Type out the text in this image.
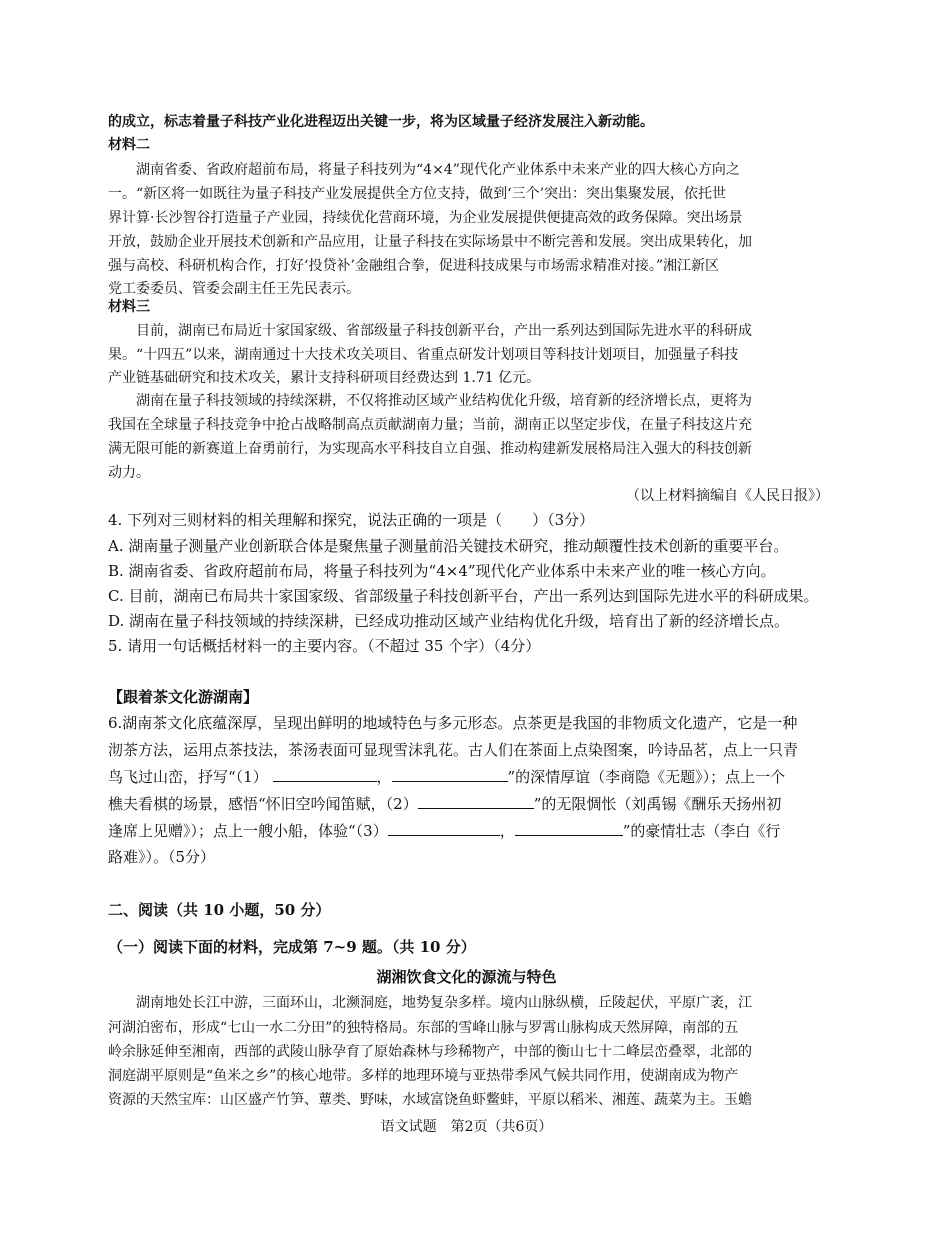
的成立，标志着量子科技产业化进程迈出关键一步，将为区域量子经济发展注入新动能。
材料二
湖南省委、省政府超前布局，将量子科技列为“4×4”现代化产业体系中未来产业的四大核心方向之
一。“新区将一如既往为量子科技产业发展提供全方位支持，做到‘三个’突出：突出集聚发展，依托世
界计算·长沙智谷打造量子产业园，持续优化营商环境，为企业发展提供便捷高效的政务保障。突出场景
开放，鼓励企业开展技术创新和产品应用，让量子科技在实际场景中不断完善和发展。突出成果转化，加
强与高校、科研机构合作，打好‘投贷补’金融组合拳，促进科技成果与市场需求精准对接。”湘江新区
党工委委员、管委会副主任王先民表示。
材料三
目前，湖南已布局近十家国家级、省部级量子科技创新平台，产出一系列达到国际先进水平的科研成
果。“十四五”以来，湖南通过十大技术攻关项目、省重点研发计划项目等科技计划项目，加强量子科技
产业链基础研究和技术攻关，累计支持科研项目经费达到 1.71 亿元。
湖南在量子科技领域的持续深耕，不仅将推动区域产业结构优化升级，培育新的经济增长点，更将为
我国在全球量子科技竞争中抢占战略制高点贡献湖南力量；当前，湖南正以坚定步伐，在量子科技这片充
满无限可能的新赛道上奋勇前行，为实现高水平科技自立自强、推动构建新发展格局注入强大的科技创新
动力。
（以上材料摘编自《人民日报》）
4. 下列对三则材料的相关理解和探究，说法正确的一项是（　　）（3分）
A. 湖南量子测量产业创新联合体是聚焦量子测量前沿关键技术研究，推动颠覆性技术创新的重要平台。
B. 湖南省委、省政府超前布局，将量子科技列为“4×4”现代化产业体系中未来产业的唯一核心方向。
C. 目前，湖南已布局共十家国家级、省部级量子科技创新平台，产出一系列达到国际先进水平的科研成果。
D. 湖南在量子科技领域的持续深耕，已经成功推动区域产业结构优化升级，培育出了新的经济增长点。
5. 请用一句话概括材料一的主要内容。（不超过 35 个字）（4分）
【跟着茶文化游湖南】
6.湖南茶文化底蕴深厚，呈现出鲜明的地域特色与多元形态。点茶更是我国的非物质文化遗产，它是一种
沏茶方法，运用点茶技法，茶汤表面可显现雪沫乳花。古人们在茶面上点染图案，吟诗品茗，点上一只青
鸟飞过山峦，抒写“（1）	，	”的深情厚谊（李商隐《无题》）；点上一个
樵夫看棋的场景，感悟“怀旧空吟闻笛赋，（2）	”的无限惆怅（刘禹锡《酬乐天扬州初
逢席上见赠》）；点上一艘小船，体验“（3）	，	”的豪情壮志（李白《行
路难》）。（5分）
二、阅读（共 10 小题，50 分）
（一）阅读下面的材料，完成第 7~9 题。（共 10 分）
湖湘饮食文化的源流与特色
湖南地处长江中游，三面环山，北濒洞庭，地势复杂多样。境内山脉纵横，丘陵起伏，平原广袤，江
河湖泊密布，形成“七山一水二分田”的独特格局。东部的雪峰山脉与罗霄山脉构成天然屏障，南部的五
岭余脉延伸至湘南，西部的武陵山脉孕育了原始森林与珍稀物产，中部的衡山七十二峰层峦叠翠，北部的
洞庭湖平原则是“鱼米之乡”的核心地带。多样的地理环境与亚热带季风气候共同作用，使湖南成为物产
资源的天然宝库：山区盛产竹笋、蕈类、野味，水域富饶鱼虾鳖蚌，平原以稻米、湘莲、蔬菜为主。玉蟾
语文试题　第2页（共6页）
